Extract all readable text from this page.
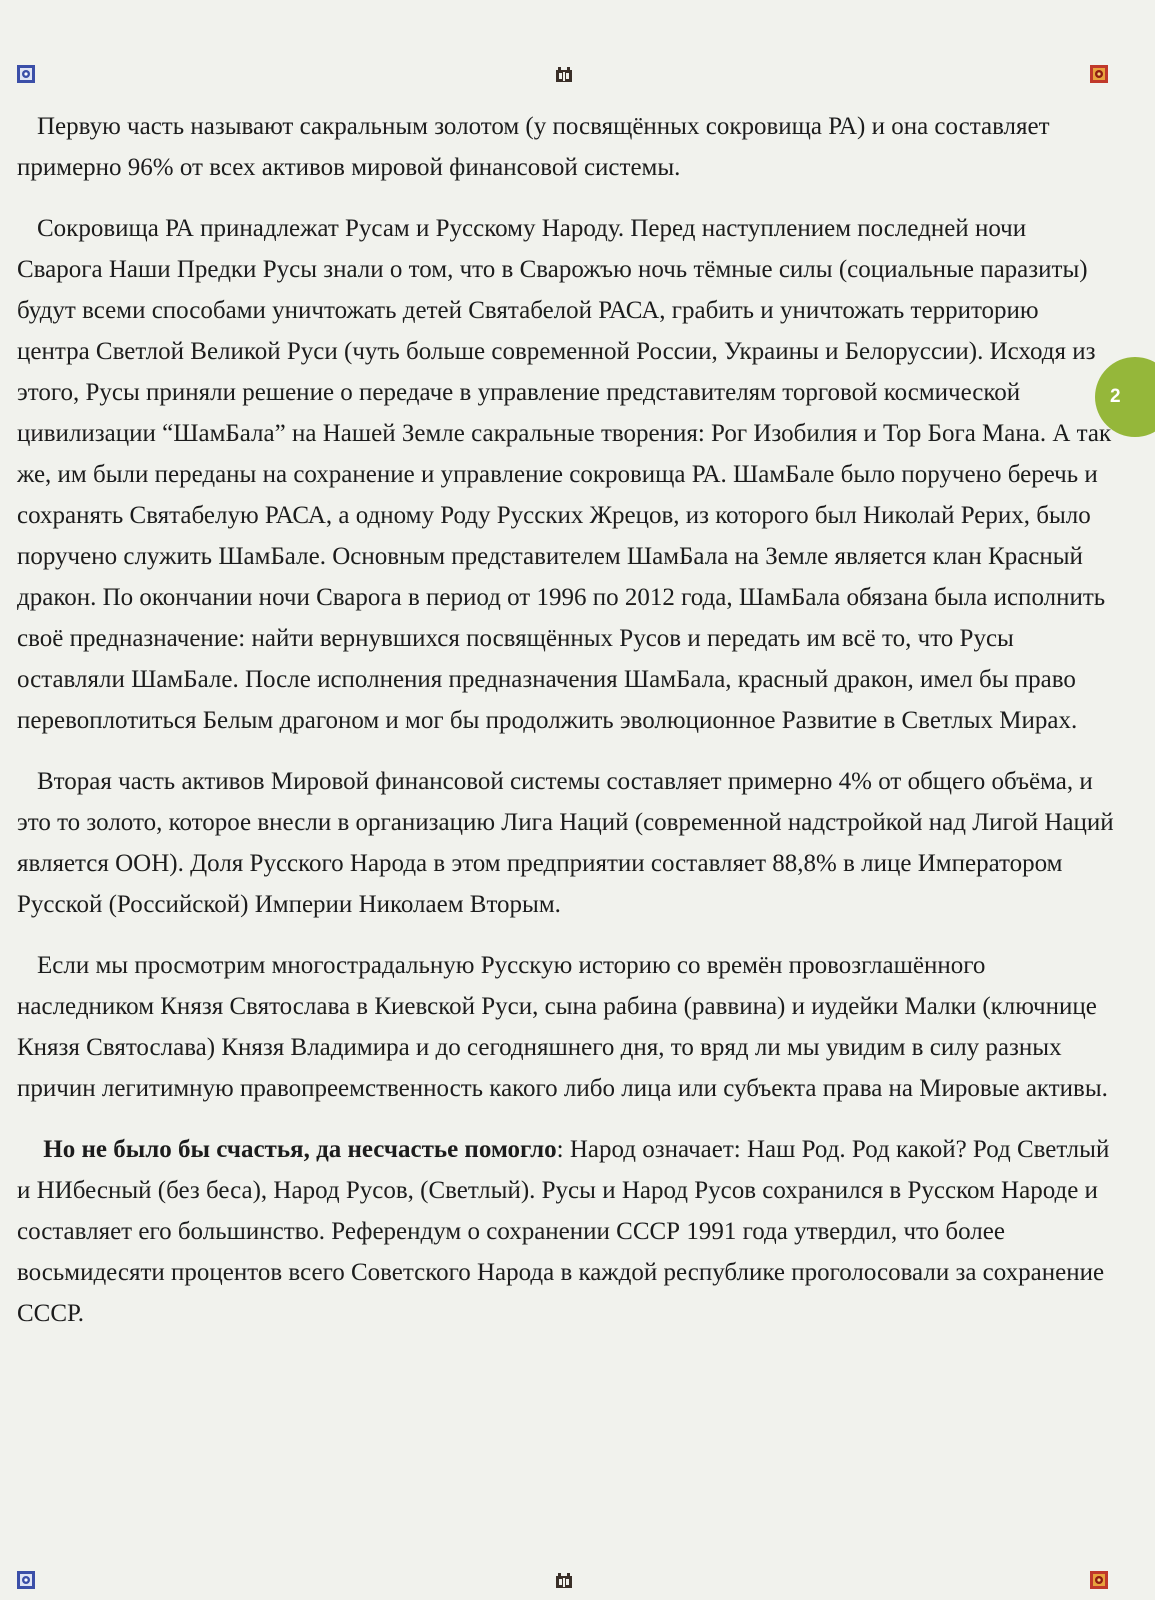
2

Первую часть называют сакральным золотом (у посвящённых сокровища РА) и она составляет примерно 96% от всех активов мировой финансовой системы.

Сокровища РА принадлежат Русам и Русскому Народу. Перед наступлением последней ночи Сварога Наши Предки Русы знали о том, что в Сварожъю ночь тёмные силы (социальные паразиты) будут всеми способами уничтожать детей Святабелой РАСА, грабить и уничтожать территорию центра Светлой Великой Руси (чуть больше современной России, Украины и Белоруссии). Исходя из этого, Русы приняли решение о передаче в управление представителям торговой космической цивилизации “ШамБала” на Нашей Земле сакральные творения: Рог Изобилия и Тор Бога Мана. А так же, им были переданы на сохранение и управление сокровища РА. ШамБале было поручено беречь и сохранять Святабелую РАСА, а одному Роду Русских Жрецов, из которого был Николай Рерих, было поручено служить ШамБале. Основным представителем ШамБала на Земле является клан Красный дракон. По окончании ночи Сварога в период от 1996 по 2012 года, ШамБала обязана была исполнить своё предназначение: найти вернувшихся посвящённых Русов и передать им всё то, что Русы оставляли ШамБале. После исполнения предназначения ШамБала, красный дракон, имел бы право перевоплотиться Белым драгоном и мог бы продолжить эволюционное Развитие в Светлых Мирах.

Вторая часть активов Мировой финансовой системы составляет примерно 4% от общего объёма, и это то золото, которое внесли в организацию Лига Наций (современной надстройкой над Лигой Наций является ООН). Доля Русского Народа в этом предприятии составляет 88,8% в лице Императором Русской (Российской) Империи Николаем Вторым.

Если мы просмотрим многострадальную Русскую историю со времён провозглашённого наследником Князя Святослава в Киевской Руси, сына рабина (раввина) и иудейки Малки (ключнице Князя Святослава) Князя Владимира и до сегодняшнего дня, то вряд ли мы увидим в силу разных причин легитимную правопреемственность какого либо лица или субъекта права на Мировые активы.

Но не было бы счастья, да несчастье помогло: Народ означает: Наш Род. Род какой? Род Светлый и НИбесный (без беса), Народ Русов, (Светлый). Русы и Народ Русов сохранился в Русском Народе и составляет его большинство. Референдум о сохранении СССР 1991 года утвердил, что более восьмидесяти процентов всего Советского Народа в каждой республике проголосовали за сохранение СССР.
